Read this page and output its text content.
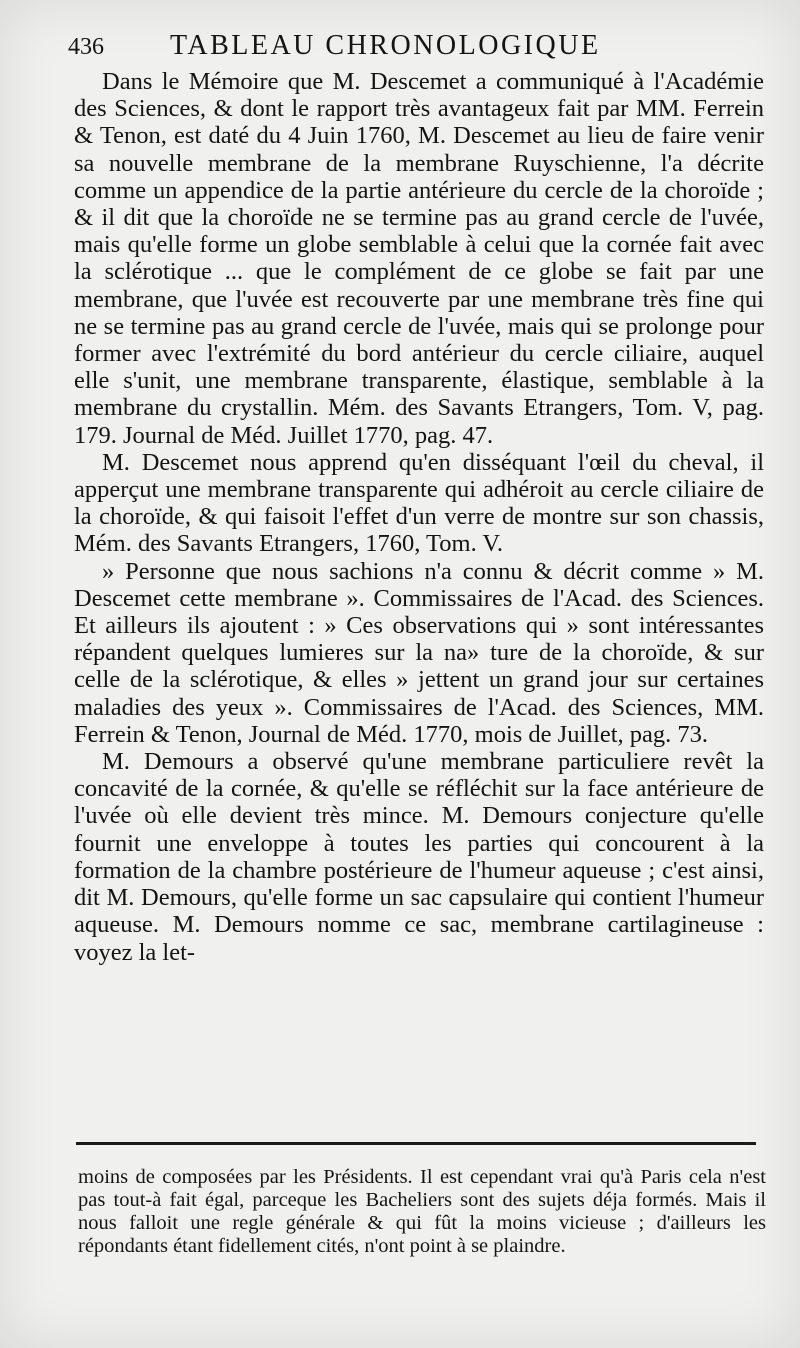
436 TABLEAU CHRONOLOGIQUE

Dans le Mémoire que M. Descemet a communiqué à l'Académie des Sciences, & dont le rapport très avantageux fait par MM. Ferrein & Tenon, est daté du 4 Juin 1760, M. Descemet au lieu de faire venir sa nouvelle membrane de la membrane Ruyschienne, l'a décrite comme un appendice de la partie antérieure du cercle de la choroïde ; & il dit que la choroïde ne se termine pas au grand cercle de l'uvée, mais qu'elle forme un globe semblable à celui que la cornée fait avec la sclérotique ... que le complément de ce globe se fait par une membrane, que l'uvée est recouverte par une membrane très fine qui ne se termine pas au grand cercle de l'uvée, mais qui se prolonge pour former avec l'extrémité du bord antérieur du cercle ciliaire, auquel elle s'unit, une membrane transparente, élastique, semblable à la membrane du crystallin. Mém. des Savants Etrangers, Tom. V, pag. 179. Journal de Méd. Juillet 1770, pag. 47.

M. Descemet nous apprend qu'en disséquant l'œil du cheval, il apperçut une membrane transparente qui adhéroit au cercle ciliaire de la choroïde, & qui faisoit l'effet d'un verre de montre sur son chassis, Mém. des Savants Etrangers, 1760, Tom. V.

» Personne que nous sachions n'a connu & décrit comme » M. Descemet cette membrane ». Commissaires de l'Acad. des Sciences. Et ailleurs ils ajoutent : » Ces observations qui » sont intéressantes répandent quelques lumieres sur la na» ture de la choroïde, & sur celle de la sclérotique, & elles » jettent un grand jour sur certaines maladies des yeux ». Commissaires de l'Acad. des Sciences, MM. Ferrein & Tenon, Journal de Méd. 1770, mois de Juillet, pag. 73.

M. Demours a observé qu'une membrane particuliere revêt la concavité de la cornée, & qu'elle se réfléchit sur la face antérieure de l'uvée où elle devient très mince. M. Demours conjecture qu'elle fournit une enveloppe à toutes les parties qui concourent à la formation de la chambre postérieure de l'humeur aqueuse ; c'est ainsi, dit M. Demours, qu'elle forme un sac capsulaire qui contient l'humeur aqueuse. M. Demours nomme ce sac, membrane cartilagineuse : voyez la let-

moins de composées par les Présidents. Il est cependant vrai qu'à Paris cela n'est pas tout-à fait égal, parceque les Bacheliers sont des sujets déja formés. Mais il nous falloit une regle générale & qui fût la moins vicieuse ; d'ailleurs les répondants étant fidellement cités, n'ont point à se plaindre.
